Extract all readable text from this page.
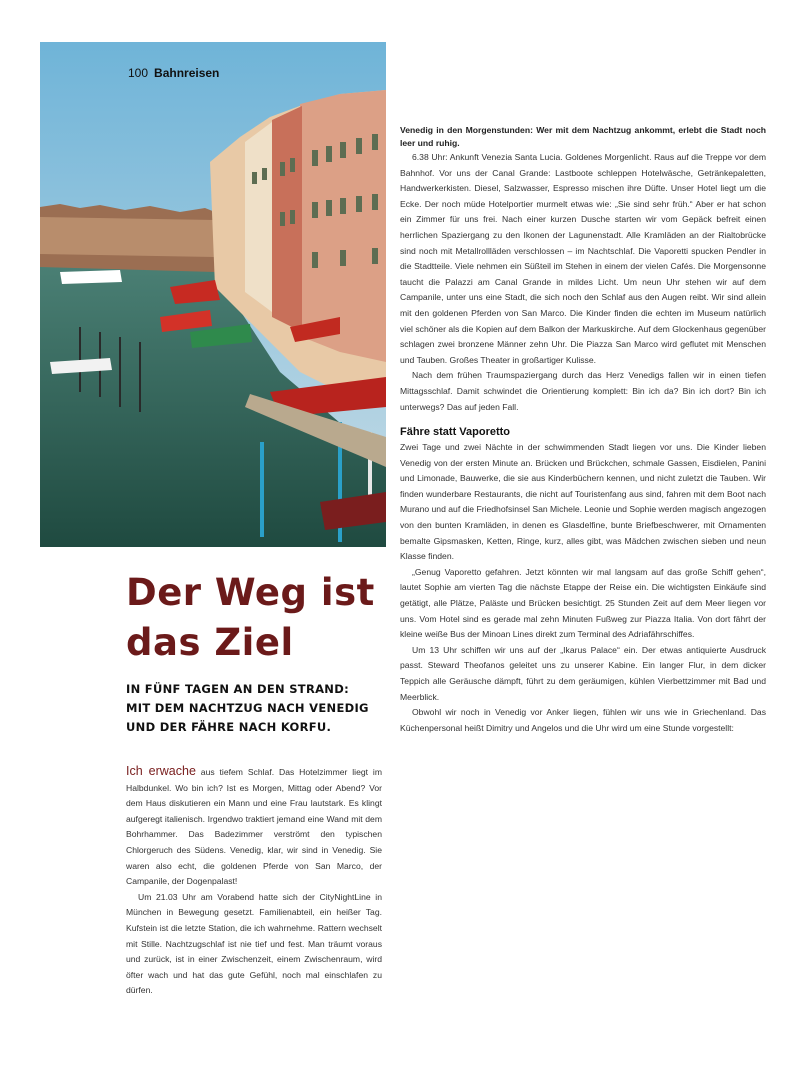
100 Bahnreisen
Der Weg ist
das Ziel
IN FÜNF TAGEN AN DEN STRAND: MIT DEM NACHTZUG NACH VENEDIG UND DER FÄHRE NACH KORFU.

Ich erwache aus tiefem Schlaf. Das Hotelzimmer liegt im Halbdunkel. Wo bin ich? Ist es Morgen, Mittag oder Abend? Vor dem Haus diskutieren ein Mann und eine Frau lautstark. Es klingt aufgeregt italienisch. Irgendwo traktiert jemand eine Wand mit dem Bohrhammer. Das Badezimmer verströmt den typischen Chlorgeruch des Südens. Venedig, klar, wir sind in Venedig. Sie waren also echt, die goldenen Pferde von San Marco, der Campanile, der Dogenpalast!

Um 21.03 Uhr am Vorabend hatte sich der CityNightLine in München in Bewegung gesetzt. Familienabteil, ein heißer Tag. Kufstein ist die letzte Station, die ich wahrnehme. Rattern wechselt mit Stille. Nachtzugschlaf ist nie tief und fest. Man träumt voraus und zurück, ist in einer Zwischenzeit, einem Zwischenraum, wird öfter wach und hat das gute Gefühl, noch mal einschlafen zu dürfen.

Venedig in den Morgenstunden: Wer mit dem Nachtzug ankommt, erlebt die Stadt noch leer und ruhig.

6.38 Uhr: Ankunft Venezia Santa Lucia. Goldenes Morgenlicht. Raus auf die Treppe vor dem Bahnhof. Vor uns der Canal Grande: Lastboote schleppen Hotelwäsche, Getränkepaletten, Handwerkerkisten. Diesel, Salzwasser, Espresso mischen ihre Düfte. Unser Hotel liegt um die Ecke. Der noch müde Hotelportier murmelt etwas wie: „Sie sind sehr früh.“ Aber er hat schon ein Zimmer für uns frei. Nach einer kurzen Dusche starten wir vom Gepäck befreit einen herrlichen Spaziergang zu den Ikonen der Lagunenstadt. Alle Kramläden an der Rialtobrücke sind noch mit Metallrollläden verschlossen – im Nachtschlaf. Die Vaporetti spucken Pendler in die Stadtteile. Viele nehmen ein Süßteil im Stehen in einem der vielen Cafés. Die Morgensonne taucht die Palazzi am Canal Grande in mildes Licht. Um neun Uhr stehen wir auf dem Campanile, unter uns eine Stadt, die sich noch den Schlaf aus den Augen reibt. Wir sind allein mit den goldenen Pferden von San Marco. Die Kinder finden die echten im Museum natürlich viel schöner als die Kopien auf dem Balkon der Markuskirche. Auf dem Glockenhaus gegenüber schlagen zwei bronzene Männer zehn Uhr. Die Piazza San Marco wird geflutet mit Menschen und Tauben. Großes Theater in großartiger Kulisse.

Nach dem frühen Traumspaziergang durch das Herz Venedigs fallen wir in einen tiefen Mittagsschlaf. Damit schwindet die Orientierung komplett: Bin ich da? Bin ich dort? Bin ich unterwegs? Das auf jeden Fall.

Fähre statt Vaporetto

Zwei Tage und zwei Nächte in der schwimmenden Stadt liegen vor uns. Die Kinder lieben Venedig von der ersten Minute an. Brücken und Brückchen, schmale Gassen, Eisdielen, Panini und Limonade, Bauwerke, die sie aus Kinderbüchern kennen, und nicht zuletzt die Tauben. Wir finden wunderbare Restaurants, die nicht auf Touristenfang aus sind, fahren mit dem Boot nach Murano und auf die Friedhofsinsel San Michele. Leonie und Sophie werden magisch angezogen von den bunten Kramläden, in denen es Glasdelfine, bunte Briefbeschwerer, mit Ornamenten bemalte Gipsmasken, Ketten, Ringe, kurz, alles gibt, was Mädchen zwischen sieben und neun Klasse finden.

„Genug Vaporetto gefahren. Jetzt könnten wir mal langsam auf das große Schiff gehen“, lautet Sophie am vierten Tag die nächste Etappe der Reise ein. Die wichtigsten Einkäufe sind getätigt, alle Plätze, Paläste und Brücken besichtigt. 25 Stunden Zeit auf dem Meer liegen vor uns. Vom Hotel sind es gerade mal zehn Minuten Fußweg zur Piazza Italia. Von dort fährt der kleine weiße Bus der Minoan Lines direkt zum Terminal des Adriafährschiffes.

Um 13 Uhr schiffen wir uns auf der „Ikarus Palace“ ein. Der etwas antiquierte Ausdruck passt. Steward Theofanos geleitet uns zu unserer Kabine. Ein langer Flur, in dem dicker Teppich alle Geräusche dämpft, führt zu dem geräumigen, kühlen Vierbettzimmer mit Bad und Meerblick.

Obwohl wir noch in Venedig vor Anker liegen, fühlen wir uns wie in Griechenland. Das Küchenpersonal heißt Dimitry und Angelos und die Uhr wird um eine Stunde vorgestellt:
